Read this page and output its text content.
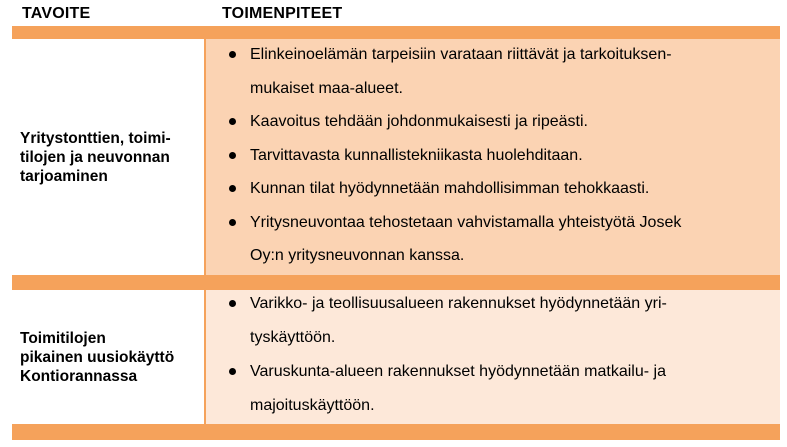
TAVOITE	TOIMENPITEET
Yritystonttien, toimi-
tilojen ja neuvonnan
tarjoaminen
Elinkeinoelämän tarpeisiin varataan riittävät ja tarkoituksen-
mukaiset maa-alueet.
Kaavoitus tehdään johdonmukaisesti ja ripeästi.
Tarvittavasta kunnallistekniikasta huolehditaan.
Kunnan tilat hyödynnetään mahdollisimman tehokkaasti.
Yritysneuvontaa tehostetaan vahvistamalla yhteistyötä Josek
Oy:n yritysneuvonnan kanssa.
Toimitilojen
pikainen uusiokäyttö
Kontiorannassa
Varikko- ja teollisuusalueen rakennukset hyödynnetään yri-
tyskäyttöön.
Varuskunta-alueen rakennukset hyödynnetään matkailu- ja
majoituskäyttöön.
